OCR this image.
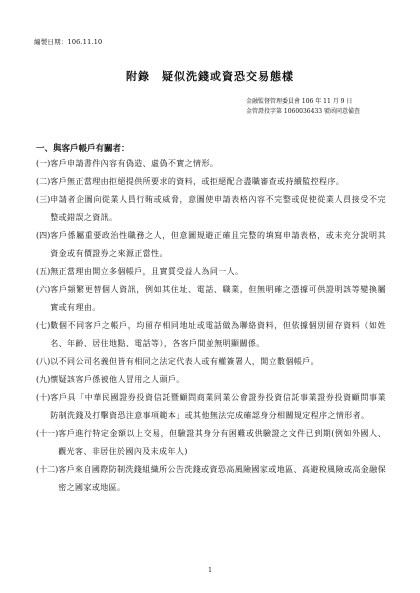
編製日期：106.11.10
附錄　疑似洗錢或資恐交易態樣
金融監督管理委員會 106 年 11 月 9 日
金管證投字第 1060036433 號函同意備查
一、與客戶帳戶有關者：
(一) 客戶申請書件內容有偽造、虛偽不實之情形。
(二) 客戶無正當理由拒絕提供所要求的資料，或拒絕配合盡職審查或持續監控程序。
(三) 申請者企圖向從業人員行賄或威脅，意圖使申請表格內容不完整或促使從業人員接受不完整或錯誤之資訊。
(四) 客戶係屬重要政治性職務之人，但意圖規避正確且完整的填寫申請表格，或未充分說明其資金或有價證券之來源正當性。
(五) 無正當理由開立多個帳戶，且實質受益人為同一人。
(六) 客戶頻繁更替個人資訊，例如其住址、電話、職業，但無明確之憑據可供證明該等變換屬實或有理由。
(七) 數個不同客戶之帳戶，均留存相同地址或電話做為聯絡資料，但依據個別留存資料（如姓名、年齡、居住地點、電話等），各客戶間並無明顯關係。
(八) 以不同公司名義但皆有相同之法定代表人或有權簽署人，開立數個帳戶。
(九) 懷疑該客戶係被他人冒用之人頭戶。
(十) 客戶具「中華民國證券投資信託暨顧問商業同業公會證券投資信託事業證券投資顧問事業防制洗錢及打擊資恐注意事項範本」或其他無法完成確認身分相關規定程序之情形者。
(十一) 客戶進行特定金額以上交易，但驗證其身分有困難或供驗證之文件已到期(例如外國人、觀光客、非居住於國內及未成年人)
(十二) 客戶來自國際防制洗錢組織所公告洗錢或資恐高風險國家或地區、高避稅風險或高金融保密之國家或地區。
1
